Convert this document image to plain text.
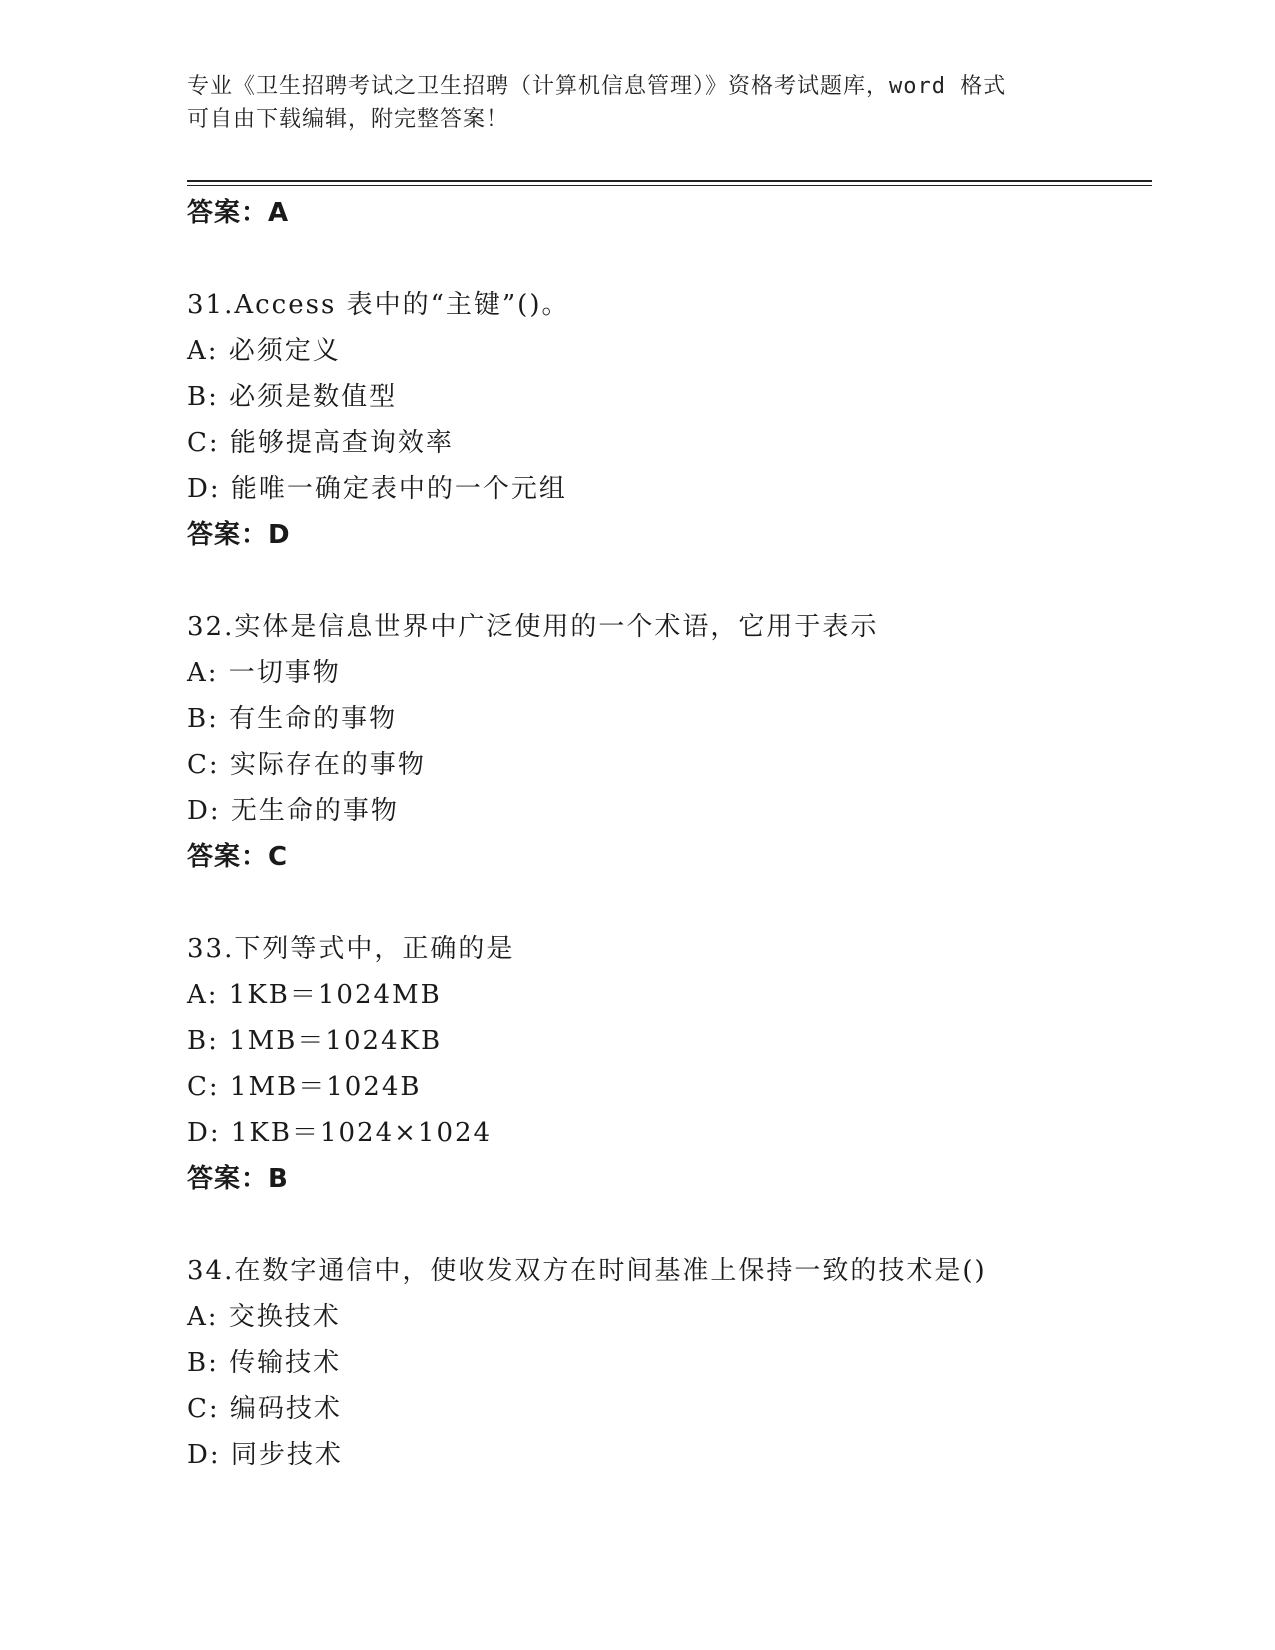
专业《卫生招聘考试之卫生招聘（计算机信息管理）》资格考试题库，word 格式
可自由下载编辑，附完整答案！
答案：A
31.Access 表中的“主键”()。
A: 必须定义
B: 必须是数值型
C: 能够提高查询效率
D: 能唯一确定表中的一个元组
答案：D
32.实体是信息世界中广泛使用的一个术语，它用于表示
A: 一切事物
B: 有生命的事物
C: 实际存在的事物
D: 无生命的事物
答案：C
33.下列等式中，正确的是
A: 1KB＝1024MB
B: 1MB＝1024KB
C: 1MB＝1024B
D: 1KB＝1024×1024
答案：B
34.在数字通信中，使收发双方在时间基准上保持一致的技术是()
A: 交换技术
B: 传输技术
C: 编码技术
D: 同步技术
